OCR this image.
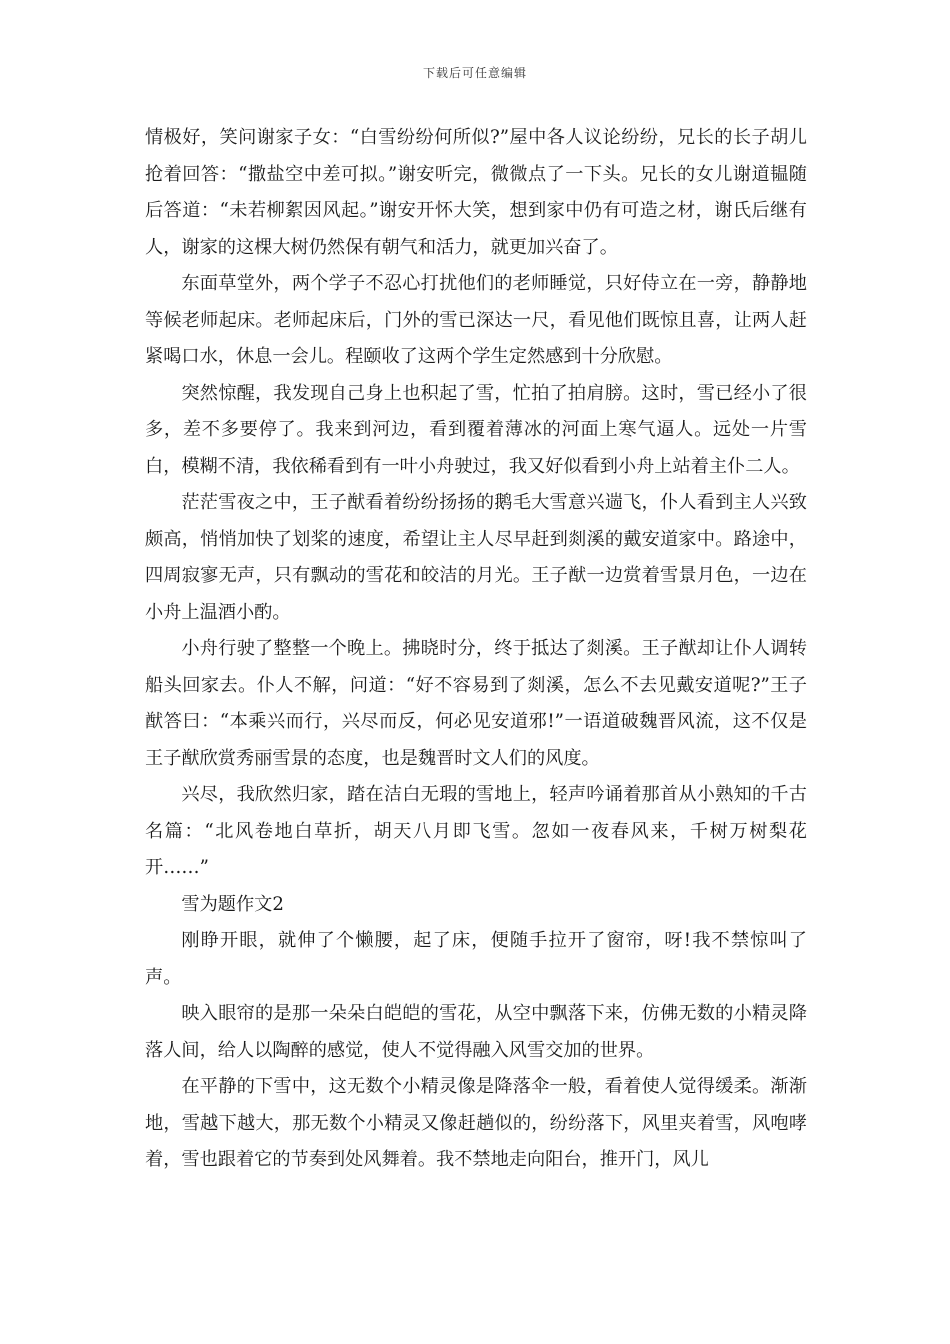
下载后可任意编辑

情极好，笑问谢家子女：“白雪纷纷何所似?”屋中各人议论纷纷，兄长的长子胡儿抢着回答：“撒盐空中差可拟。”谢安听完，微微点了一下头。兄长的女儿谢道韫随后答道：“未若柳絮因风起。”谢安开怀大笑，想到家中仍有可造之材，谢氏后继有人，谢家的这棵大树仍然保有朝气和活力，就更加兴奋了。

东面草堂外，两个学子不忍心打扰他们的老师睡觉，只好侍立在一旁，静静地等候老师起床。老师起床后，门外的雪已深达一尺，看见他们既惊且喜，让两人赶紧喝口水，休息一会儿。程颐收了这两个学生定然感到十分欣慰。

突然惊醒，我发现自己身上也积起了雪，忙拍了拍肩膀。这时，雪已经小了很多，差不多要停了。我来到河边，看到覆着薄冰的河面上寒气逼人。远处一片雪白，模糊不清，我依稀看到有一叶小舟驶过，我又好似看到小舟上站着主仆二人。

茫茫雪夜之中，王子猷看着纷纷扬扬的鹅毛大雪意兴遄飞，仆人看到主人兴致颇高，悄悄加快了划桨的速度，希望让主人尽早赶到剡溪的戴安道家中。路途中，四周寂寥无声，只有飘动的雪花和皎洁的月光。王子猷一边赏着雪景月色，一边在小舟上温酒小酌。

小舟行驶了整整一个晚上。拂晓时分，终于抵达了剡溪。王子猷却让仆人调转船头回家去。仆人不解，问道：“好不容易到了剡溪，怎么不去见戴安道呢?”王子猷答曰：“本乘兴而行，兴尽而反，何必见安道邪!”一语道破魏晋风流，这不仅是王子猷欣赏秀丽雪景的态度，也是魏晋时文人们的风度。

兴尽，我欣然归家，踏在洁白无瑕的雪地上，轻声吟诵着那首从小熟知的千古名篇：“北风卷地白草折，胡天八月即飞雪。忽如一夜春风来，千树万树梨花开……”

雪为题作文2

刚睁开眼，就伸了个懒腰，起了床，便随手拉开了窗帘，呀!我不禁惊叫了声。

映入眼帘的是那一朵朵白皑皑的雪花，从空中飘落下来，仿佛无数的小精灵降落人间，给人以陶醉的感觉，使人不觉得融入风雪交加的世界。

在平静的下雪中，这无数个小精灵像是降落伞一般，看着使人觉得缓柔。渐渐地，雪越下越大，那无数个小精灵又像赶趟似的，纷纷落下，风里夹着雪，风咆哮着，雪也跟着它的节奏到处风舞着。我不禁地走向阳台，推开门，风儿
